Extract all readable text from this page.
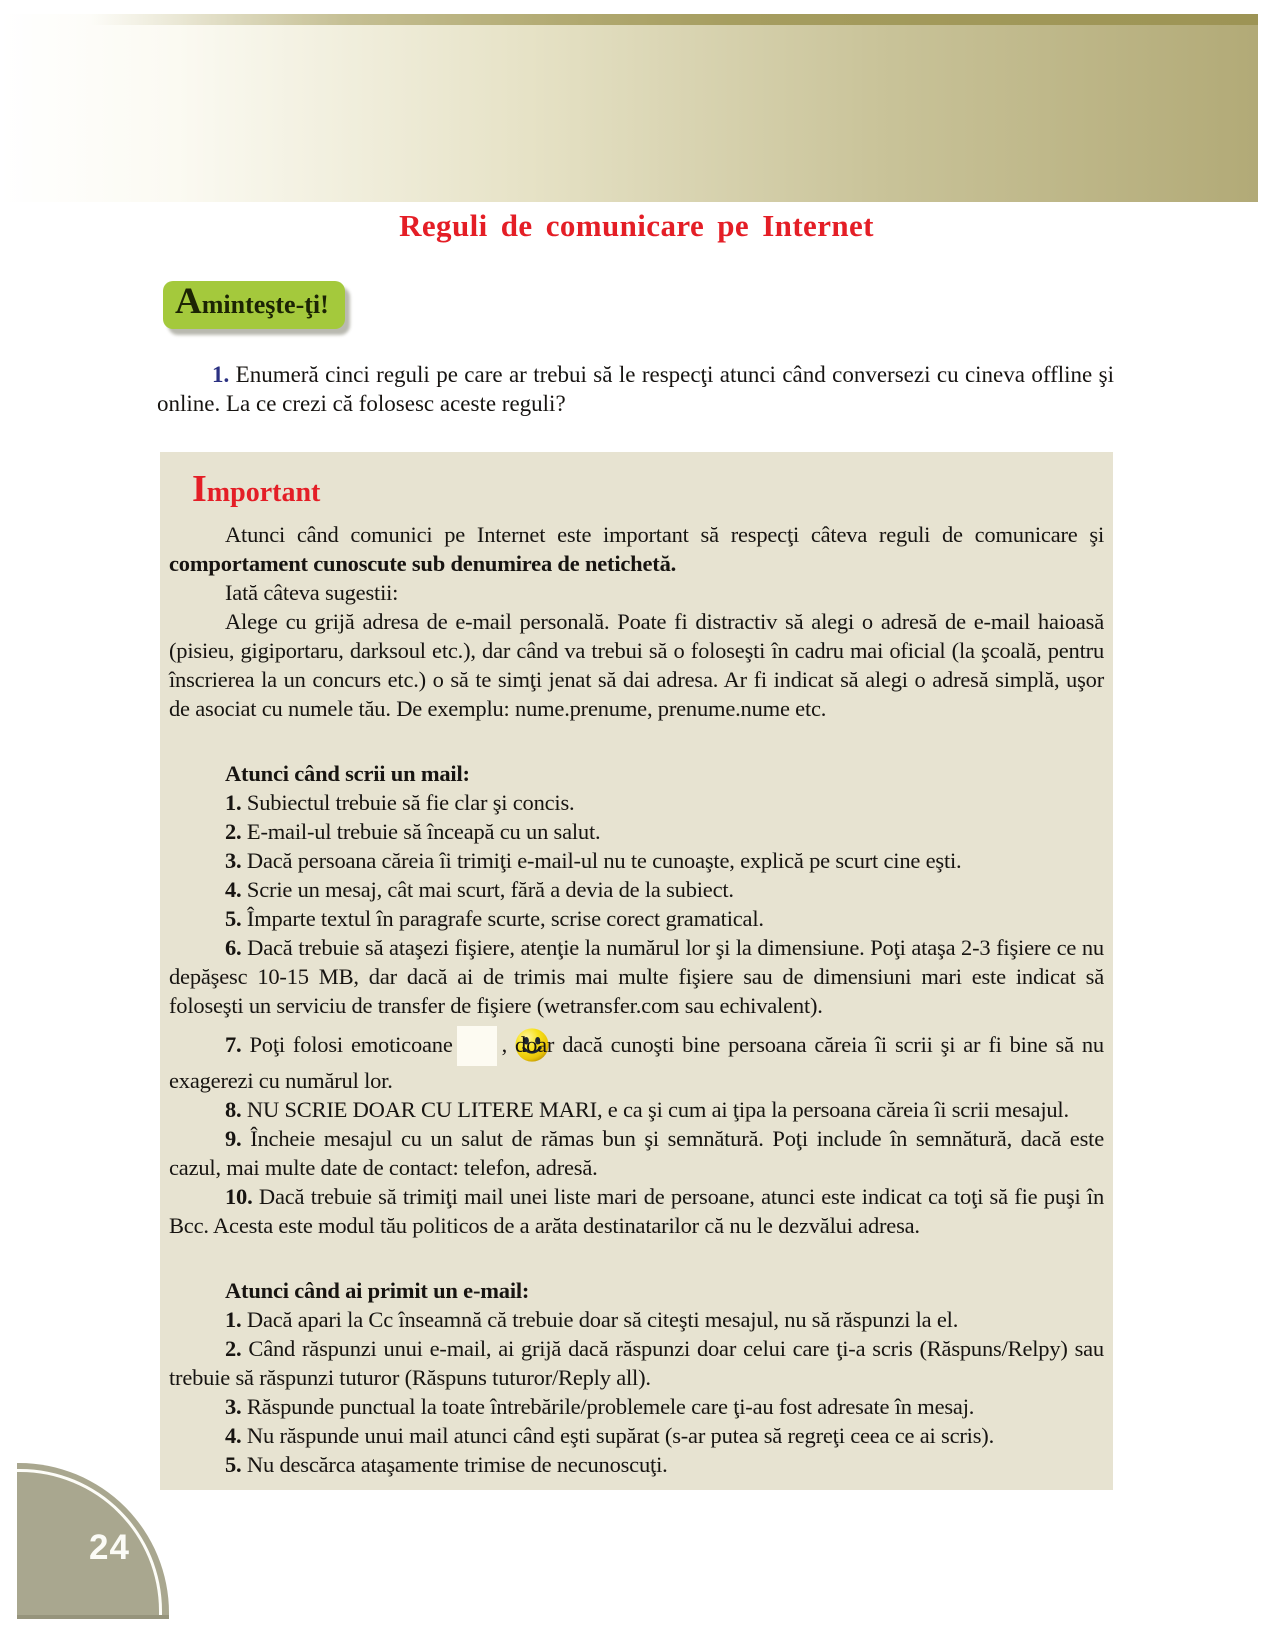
Reguli de comunicare pe Internet
Aminteşte-ţi!

1. Enumeră cinci reguli pe care ar trebui să le respecţi atunci când conversezi cu cineva offline şi online. La ce crezi că folosesc aceste reguli?

Important

Atunci când comunici pe Internet este important să respecţi câteva reguli de comunicare şi comportament cunoscute sub denumirea de netichetă.

Iată câteva sugestii:

Alege cu grijă adresa de e-mail personală. Poate fi distractiv să alegi o adresă de e-mail haioasă (pisieu, gigiportaru, darksoul etc.), dar când va trebui să o foloseşti în cadru mai oficial (la şcoală, pentru înscrierea la un concurs etc.) o să te simţi jenat să dai adresa. Ar fi indicat să alegi o adresă simplă, uşor de asociat cu numele tău. De exemplu: nume.prenume, prenume.nume etc.

Atunci când scrii un mail:

1. Subiectul trebuie să fie clar şi concis.

2. E-mail-ul trebuie să înceapă cu un salut.

3. Dacă persoana căreia îi trimiţi e-mail-ul nu te cunoaşte, explică pe scurt cine eşti.

4. Scrie un mesaj, cât mai scurt, fără a devia de la subiect.

5. Împarte textul în paragrafe scurte, scrise corect gramatical.

6. Dacă trebuie să ataşezi fişiere, atenţie la numărul lor şi la dimensiune. Poţi ataşa 2-3 fişiere ce nu depăşesc 10-15 MB, dar dacă ai de trimis mai multe fişiere sau de dimensiuni mari este indicat să foloseşti un serviciu de transfer de fişiere (wetransfer.com sau echivalent).

7. Poţi folosi emoticoane , doar dacă cunoşti bine persoana căreia îi scrii şi ar fi bine să nu exagerezi cu numărul lor.

8. NU SCRIE DOAR CU LITERE MARI, e ca şi cum ai ţipa la persoana căreia îi scrii mesajul.

9. Încheie mesajul cu un salut de rămas bun şi semnătură. Poţi include în semnătură, dacă este cazul, mai multe date de contact: telefon, adresă.

10. Dacă trebuie să trimiţi mail unei liste mari de persoane, atunci este indicat ca toţi să fie puşi în Bcc. Acesta este modul tău politicos de a arăta destinatarilor că nu le dezvălui adresa.

Atunci când ai primit un e-mail:

1. Dacă apari la Cc înseamnă că trebuie doar să citeşti mesajul, nu să răspunzi la el.

2. Când răspunzi unui e-mail, ai grijă dacă răspunzi doar celui care ţi-a scris (Răspuns/Relpy) sau trebuie să răspunzi tuturor (Răspuns tuturor/Reply all).

3. Răspunde punctual la toate întrebările/problemele care ţi-au fost adresate în mesaj.

4. Nu răspunde unui mail atunci când eşti supărat (s-ar putea să regreţi ceea ce ai scris).

5. Nu descărca ataşamente trimise de necunoscuţi.

24
